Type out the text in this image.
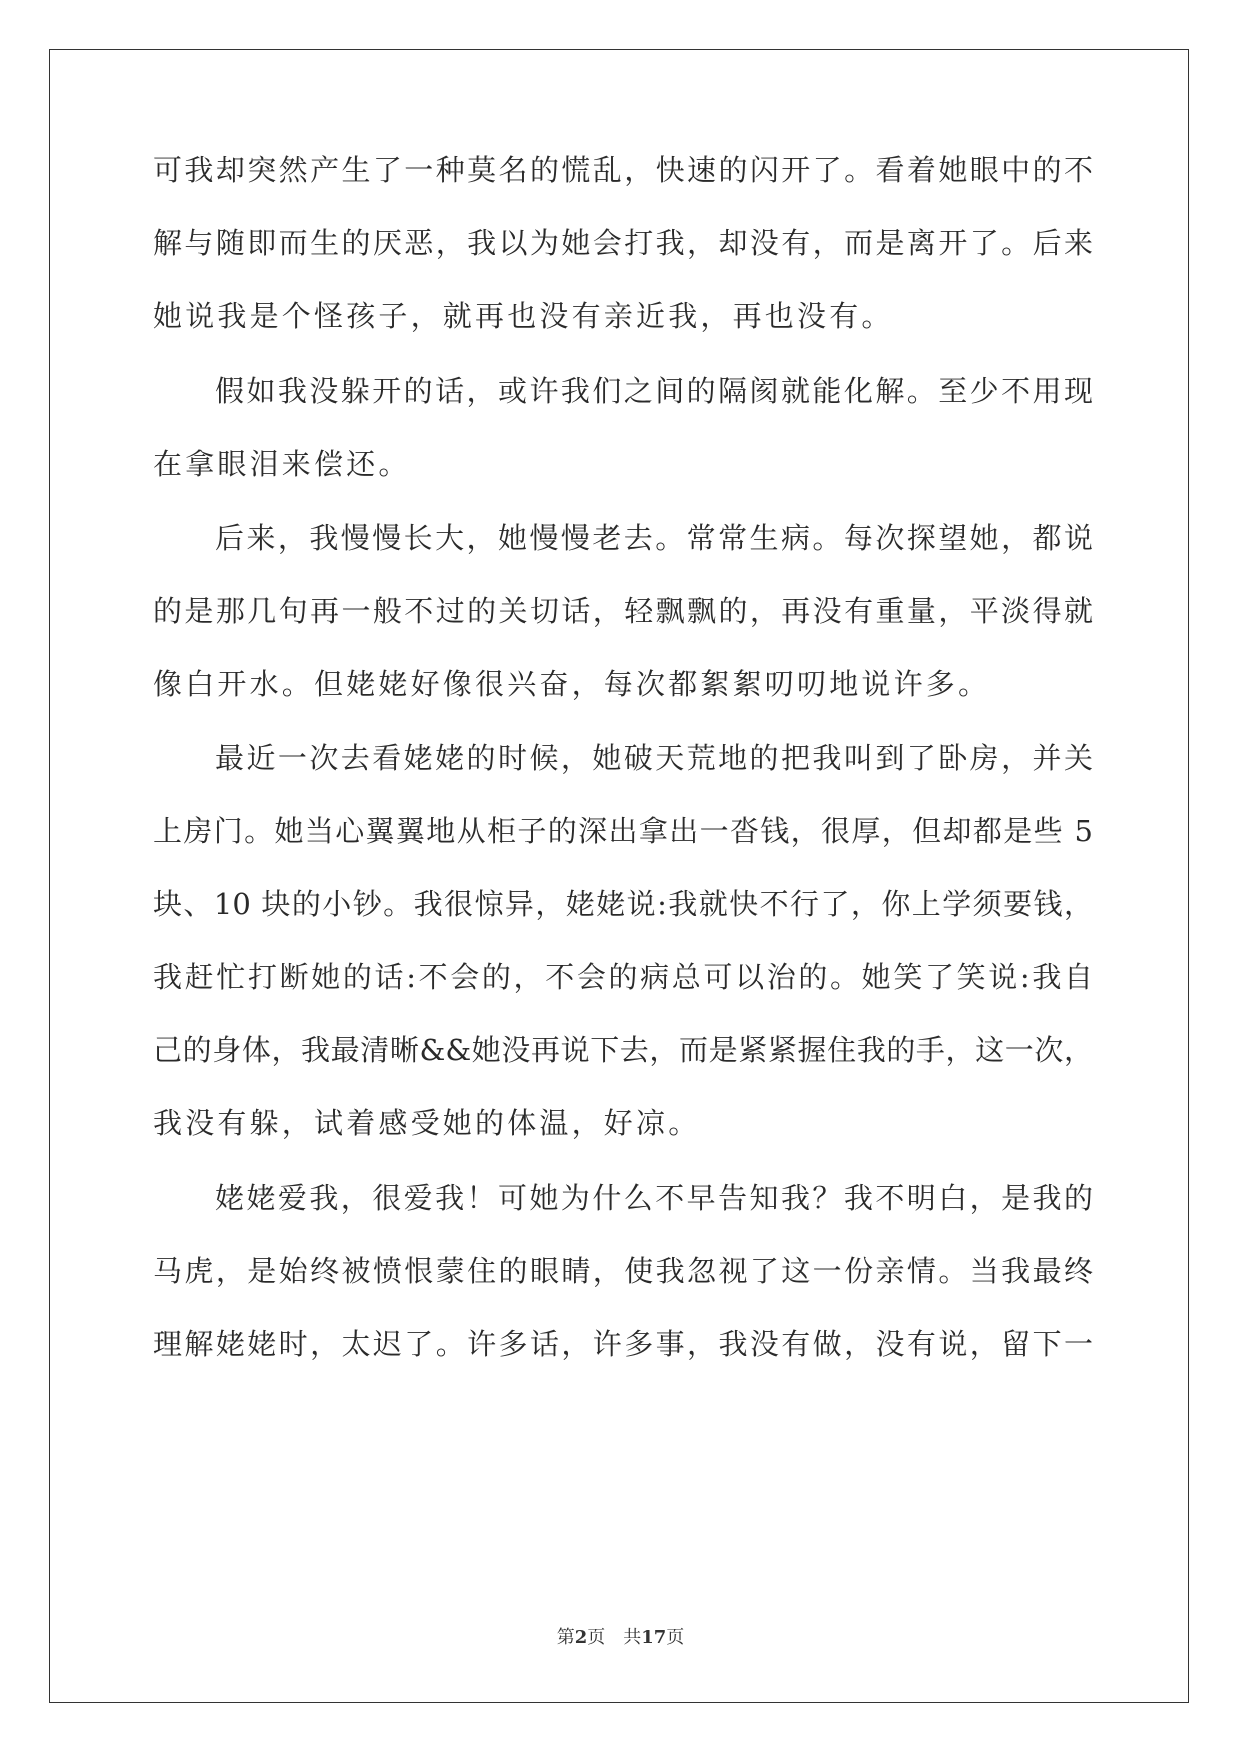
可我却突然产生了一种莫名的慌乱，快速的闪开了。看着她眼中的不
解与随即而生的厌恶，我以为她会打我，却没有，而是离开了。后来
她说我是个怪孩子，就再也没有亲近我，再也没有。
假如我没躲开的话，或许我们之间的隔阂就能化解。至少不用现
在拿眼泪来偿还。
后来，我慢慢长大，她慢慢老去。常常生病。每次探望她，都说
的是那几句再一般不过的关切话，轻飘飘的，再没有重量，平淡得就
像白开水。但姥姥好像很兴奋，每次都絮絮叨叨地说许多。
最近一次去看姥姥的时候，她破天荒地的把我叫到了卧房，并关
上房门。她当心翼翼地从柜子的深出拿出一沓钱，很厚，但却都是些 5
块、10 块的小钞。我很惊异，姥姥说:我就快不行了，你上学须要钱，
我赶忙打断她的话:不会的，不会的病总可以治的。她笑了笑说:我自
己的身体，我最清晰&&她没再说下去，而是紧紧握住我的手，这一次，
我没有躲，试着感受她的体温，好凉。
姥姥爱我，很爱我！可她为什么不早告知我？我不明白，是我的
马虎，是始终被愤恨蒙住的眼睛，使我忽视了这一份亲情。当我最终
理解姥姥时，太迟了。许多话，许多事，我没有做，没有说，留下一
第2页　共17页
